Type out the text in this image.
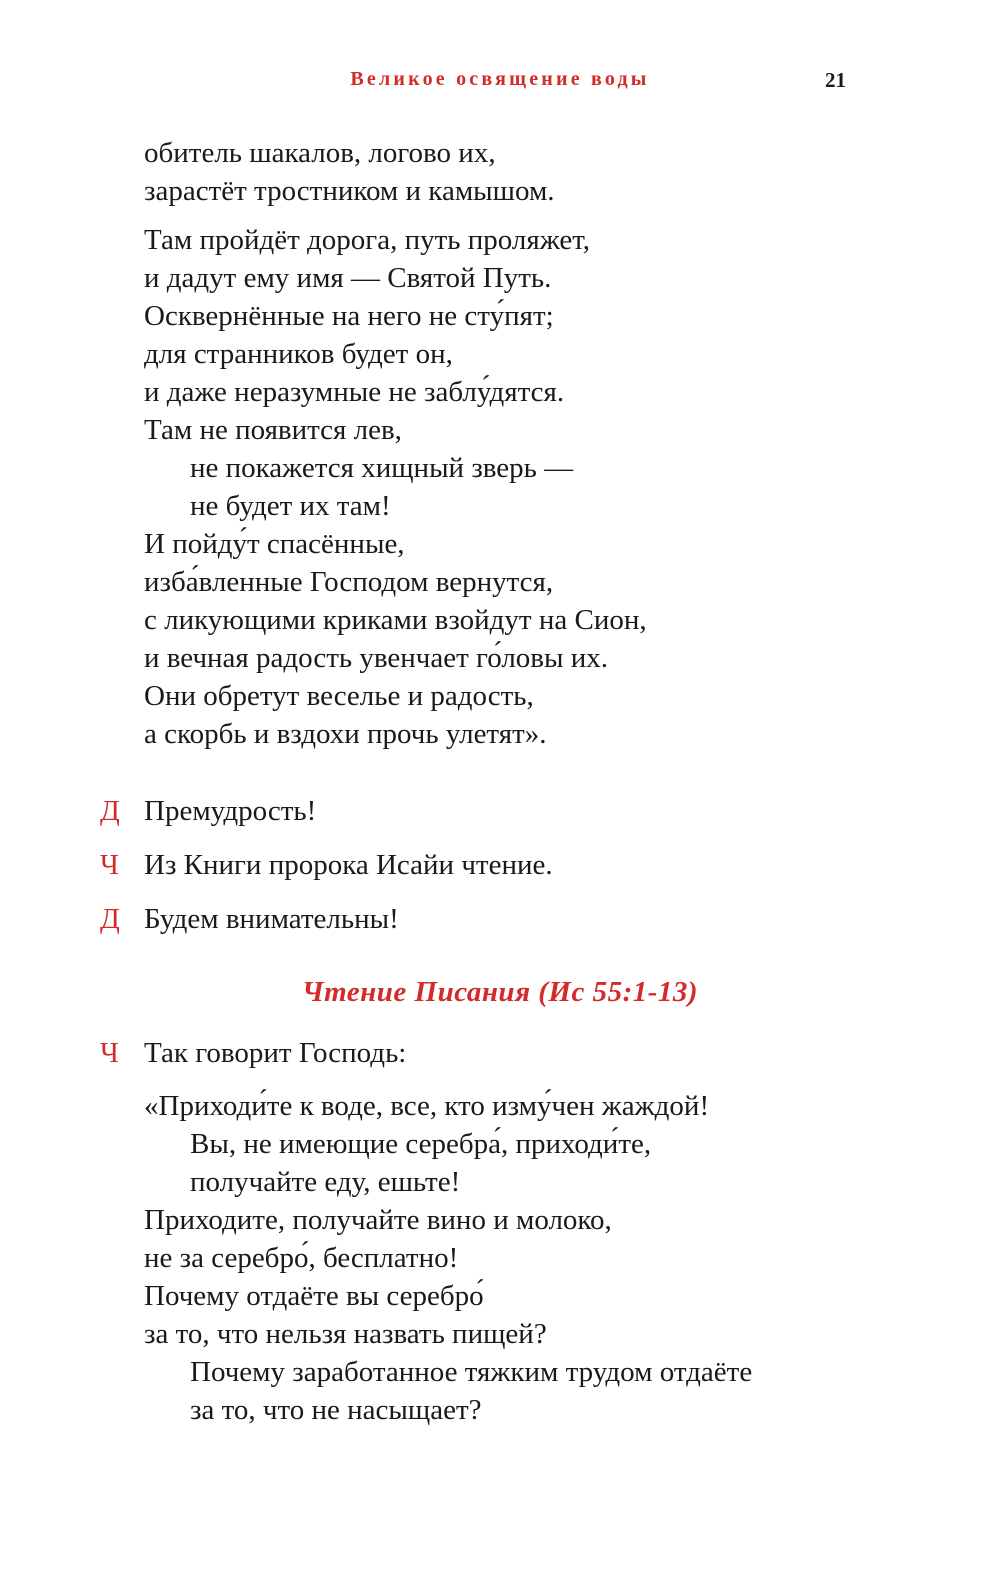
Великое освящение воды	21
обитель шакалов, логово их,
зарастёт тростником и камышом.
Там пройдёт дорога, путь проляжет,
и дадут ему имя — Святой Путь.
Осквернённые на него не сту́пят;
для странников будет он,
и даже неразумные не заблу́дятся.
Там не появится лев,
не покажется хищный зверь —
не будет их там!
И пойду́т спасённые,
изба́вленные Господом вернутся,
с ликующими криками взойдут на Сион,
и вечная радость увенчает го́ловы их.
Они обретут веселье и радость,
а скорбь и вздохи прочь улетят».
Д Премудрость!
Ч Из Книги пророка Исайи чтение.
Д Будем внимательны!
Чтение Писания (Ис 55:1-13)
Ч Так говорит Господь:
«Приходи́те к воде, все, кто изму́чен жаждой!
Вы, не имеющие серебра́, приходи́те,
получайте еду, ешьте!
Приходите, получайте вино и молоко,
не за серебро́, бесплатно!
Почему отдаёте вы серебро́
за то, что нельзя назвать пищей?
Почему заработанное тяжким трудом отдаёте
за то, что не насыщает?
